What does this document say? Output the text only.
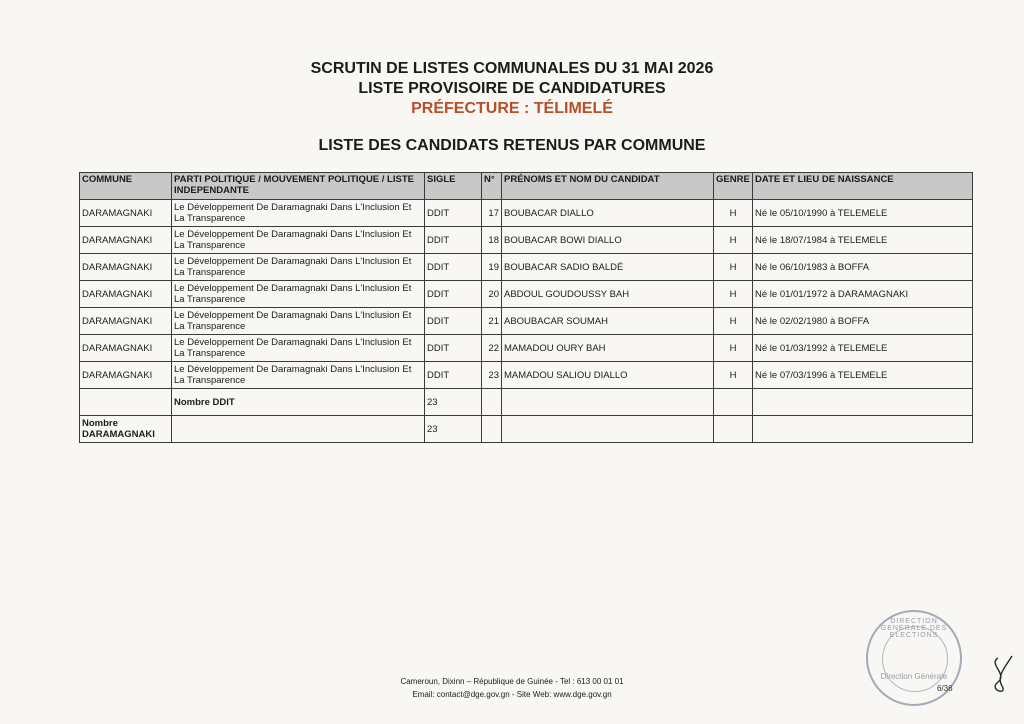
SCRUTIN DE LISTES COMMUNALES DU 31 MAI 2026
LISTE PROVISOIRE DE CANDIDATURES
PRÉFECTURE : TÉLIMELÉ
LISTE DES CANDIDATS RETENUS PAR COMMUNE
COMMUNE	PARTI POLITIQUE / MOUVEMENT POLITIQUE / LISTE INDEPENDANTE	SIGLE	N°	PRÉNOMS ET NOM DU CANDIDAT	GENRE	DATE ET LIEU DE NAISSANCE
DARAMAGNAKI	Le Développement De Daramagnaki Dans L'Inclusion Et La Transparence	DDIT	17	BOUBACAR DIALLO	H	Né le 05/10/1990 à TELEMELE
DARAMAGNAKI	Le Développement De Daramagnaki Dans L'Inclusion Et La Transparence	DDIT	18	BOUBACAR BOWI DIALLO	H	Né le 18/07/1984 à TELEMELE
DARAMAGNAKI	Le Développement De Daramagnaki Dans L'Inclusion Et La Transparence	DDIT	19	BOUBACAR SADIO BALDÉ	H	Né le 06/10/1983 à BOFFA
DARAMAGNAKI	Le Développement De Daramagnaki Dans L'Inclusion Et La Transparence	DDIT	20	ABDOUL GOUDOUSSY BAH	H	Né le 01/01/1972 à DARAMAGNAKI
DARAMAGNAKI	Le Développement De Daramagnaki Dans L'Inclusion Et La Transparence	DDIT	21	ABOUBACAR SOUMAH	H	Né le 02/02/1980 à BOFFA
DARAMAGNAKI	Le Développement De Daramagnaki Dans L'Inclusion Et La Transparence	DDIT	22	MAMADOU OURY BAH	H	Né le 01/03/1992 à TELEMELE
DARAMAGNAKI	Le Développement De Daramagnaki Dans L'Inclusion Et La Transparence	DDIT	23	MAMADOU SALIOU DIALLO	H	Né le 07/03/1996 à TELEMELE
	Nombre DDIT	23				
Nombre DARAMAGNAKI		23				
Cameroun, Dixinn – République de Guinée - Tel : 613 00 01 01
Email: contact@dge.gov.gn - Site Web: www.dge.gov.gn
DIRECTION GENERALE DES ELECTIONS
Direction Générale
6/36
